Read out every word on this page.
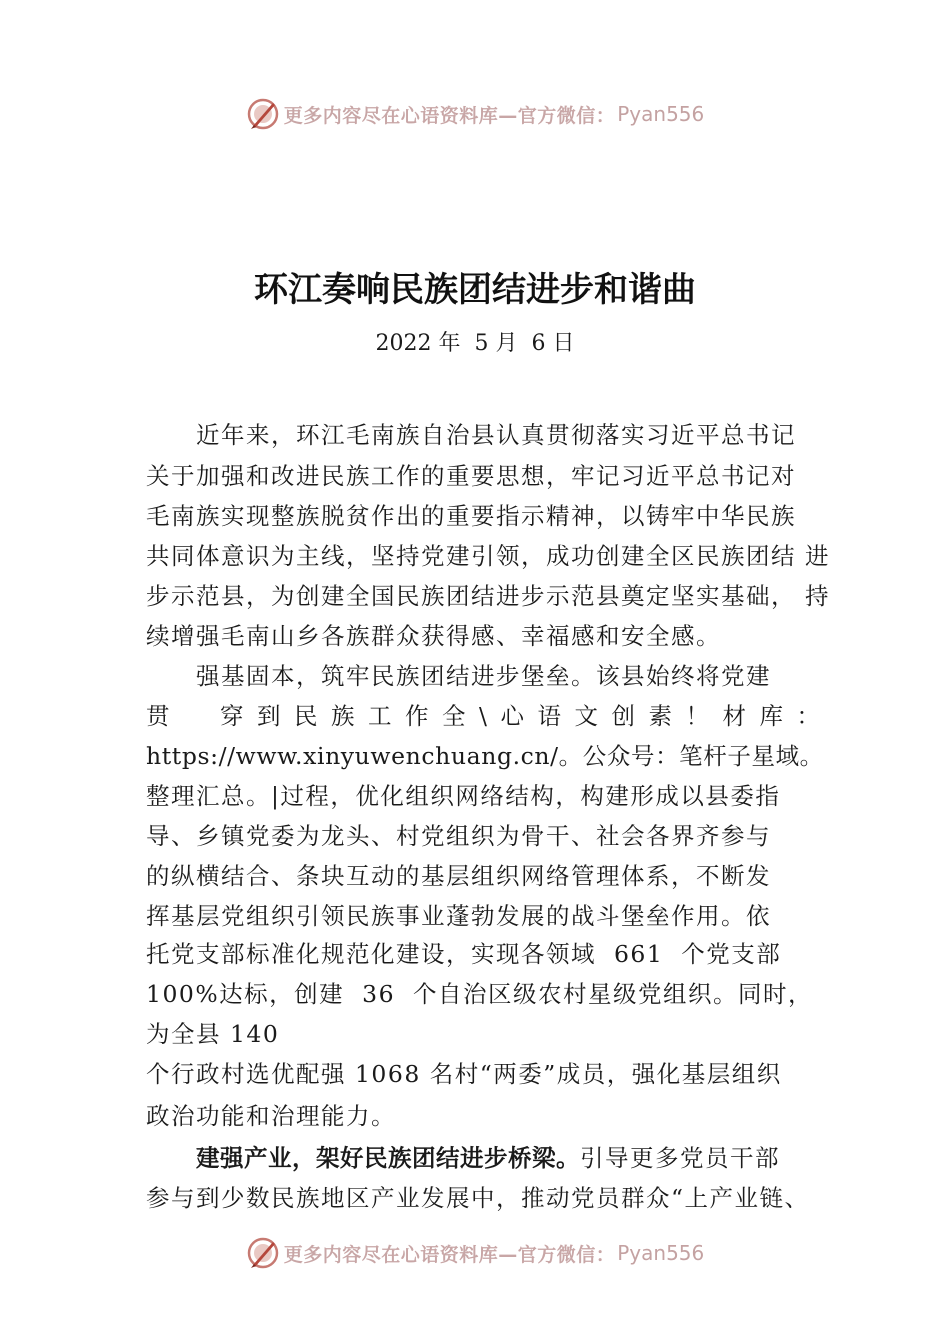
更多内容尽在心语资料库—官方微信： Pyan556
环江奏响民族团结进步和谐曲
2022 年  5 月  6 日
近年来，环江毛南族自治县认真贯彻落实习近平总书记
关于加强和改进民族工作的重要思想，牢记习近平总书记对
毛南族实现整族脱贫作出的重要指示精神，以铸牢中华民族
共同体意识为主线，坚持党建引领，成功创建全区民族团结 进
步示范县，为创建全国民族团结进步示范县奠定坚实基础， 持
续增强毛南山乡各族群众获得感、幸福感和安全感。
强基固本，筑牢民族团结进步堡垒。该县始终将党建
贯　穿到民族工作全\心语文创素！材库：
https://www.xinyuwenchuang.cn/。公众号：笔杆子星域。
整理汇总。|过程，优化组织网络结构，构建形成以县委指
导、乡镇党委为龙头、村党组织为骨干、社会各界齐参与
的纵横结合、条块互动的基层组织网络管理体系，不断发
挥基层党组织引领民族事业蓬勃发展的战斗堡垒作用。依
托党支部标准化规范化建设，实现各领域  661  个党支部
100%达标，创建  36  个自治区级农村星级党组织。同时，
为全县 140
个行政村选优配强 1068 名村“两委”成员，强化基层组织
政治功能和治理能力。
建强产业，架好民族团结进步桥梁。引导更多党员干部
参与到少数民族地区产业发展中，推动党员群众“上产业链、
更多内容尽在心语资料库—官方微信： Pyan556
